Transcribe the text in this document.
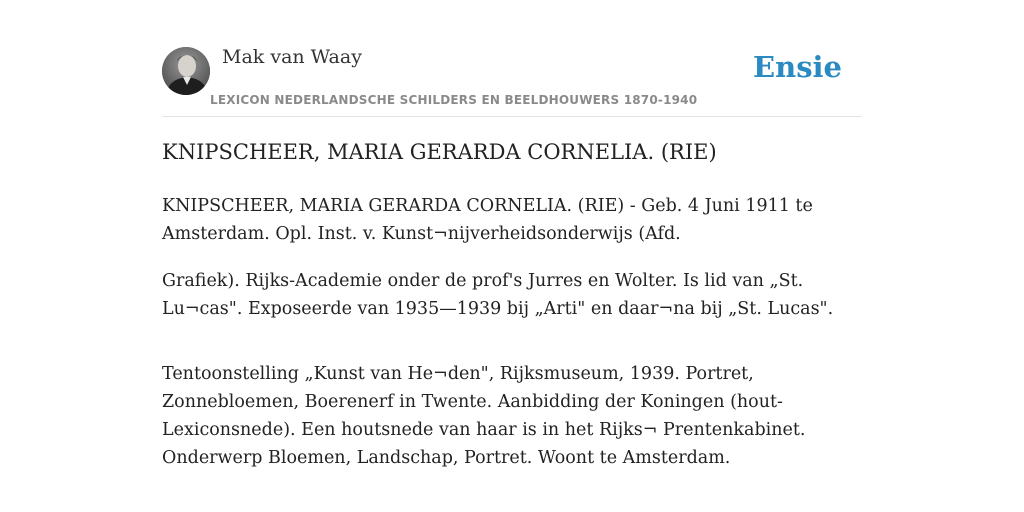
Mak van Waay
LEXICON NEDERLANDSCHE SCHILDERS EN BEELDHOUWERS 1870-1940
Ensie
KNIPSCHEER, MARIA GERARDA CORNELIA. (RIE)

KNIPSCHEER, MARIA GERARDA CORNELIA. (RIE) - Geb. 4 Juni 1911 te Amsterdam. Opl. Inst. v. Kunst¬nijverheidsonderwijs (Afd.

Grafiek). Rijks-Academie onder de prof's Jurres en Wolter. Is lid van „St. Lu¬cas". Exposeerde van 1935—1939 bij „Arti" en daar¬na bij „St. Lucas".

Tentoonstelling „Kunst van He¬den", Rijksmuseum, 1939. Portret, Zonnebloemen, Boerenerf in Twente. Aanbidding der Koningen (hout-Lexiconsnede). Een houtsnede van haar is in het Rijks¬ Prentenkabinet. Onderwerp Bloemen, Landschap, Portret. Woont te Amsterdam.
